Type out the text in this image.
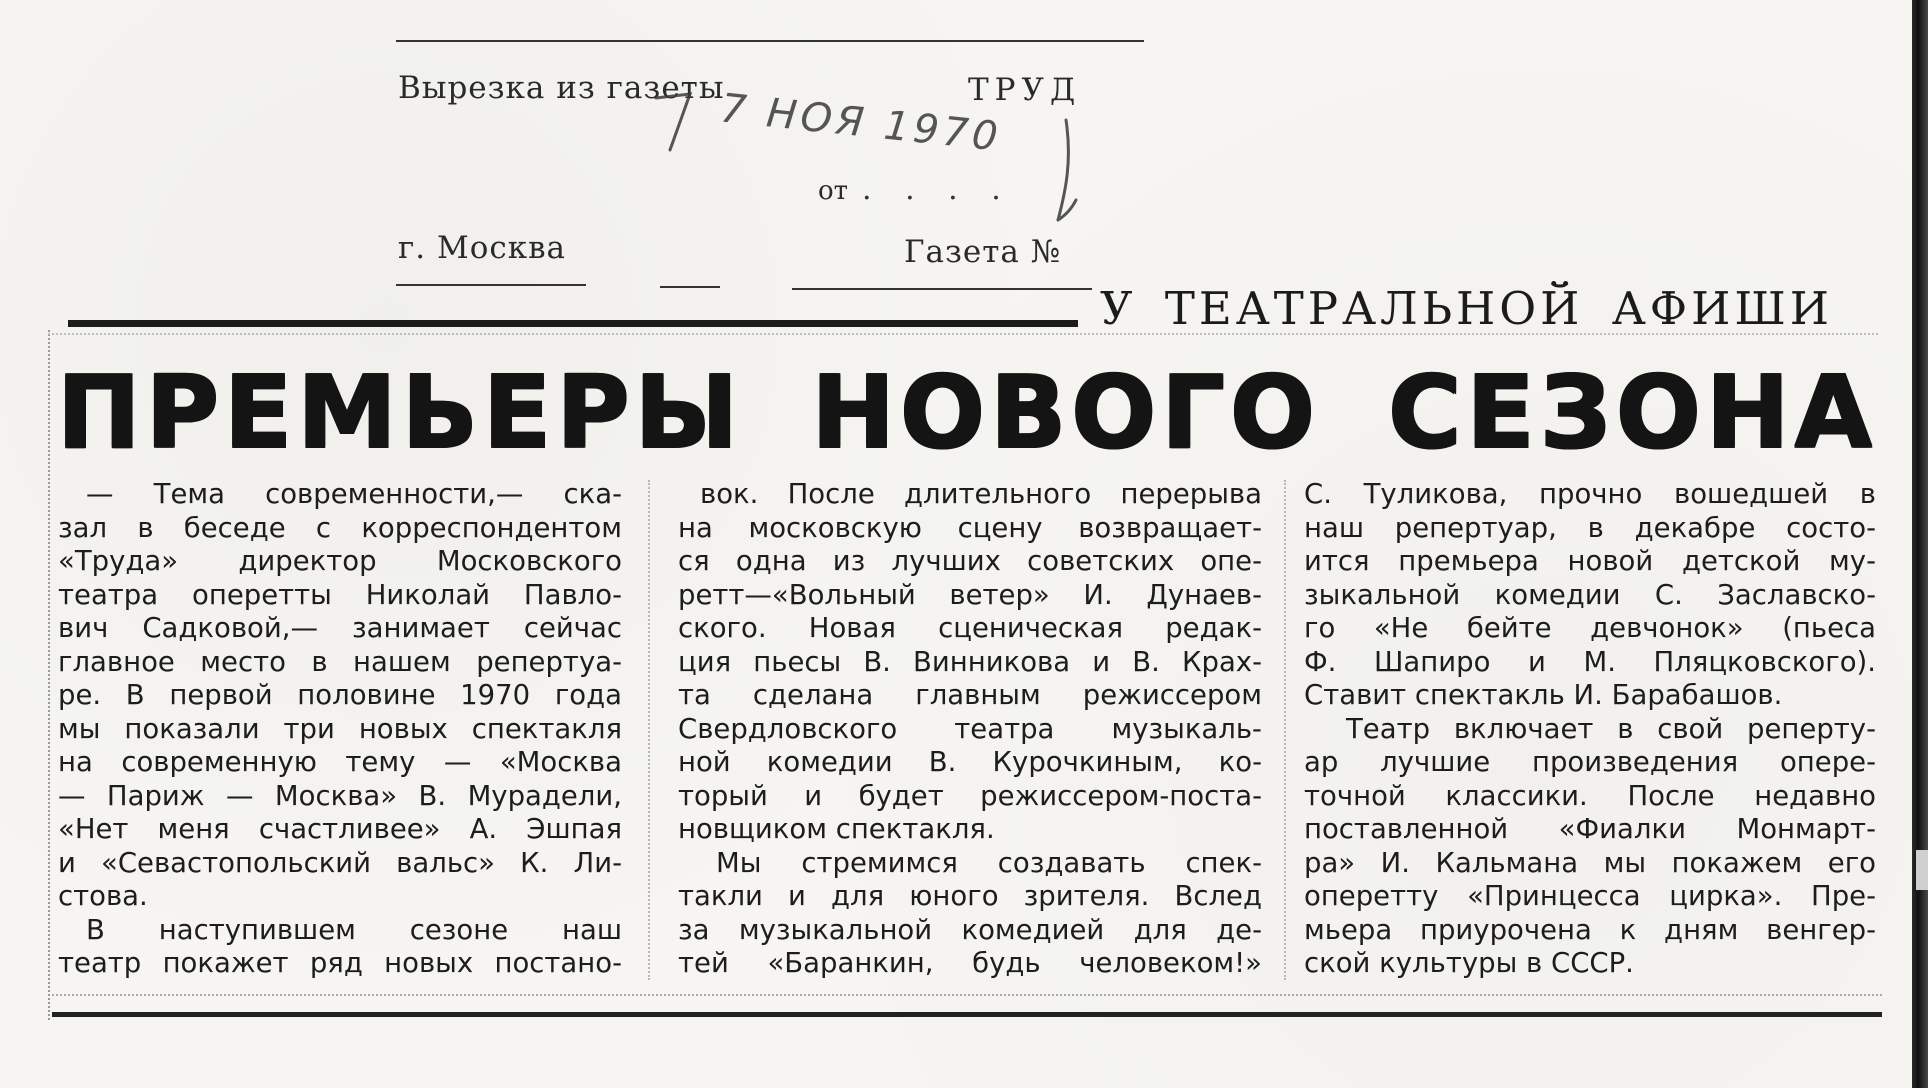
Вырезка из газеты	ТРУД
от . . . .
г. Москва	Газета №
7 НОЯ 1970
У ТЕАТРАЛЬНОЙ АФИШИ
ПРЕМЬЕРЫ НОВОГО СЕЗОНА
— Тема современности,— ска-
зал в беседе с корреспондентом
«Труда» директор Московского
театра оперетты Николай Павло-
вич Садковой,— занимает сейчас
главное место в нашем репертуа-
ре. В первой половине 1970 года
мы показали три новых спектакля
на современную тему — «Москва
— Париж — Москва» В. Мурадели,
«Нет меня счастливее» А. Эшпая
и «Севастопольский вальс» К. Ли-
стова.
В наступившем сезоне наш
театр покажет ряд новых постано-
вок. После длительного перерыва
на московскую сцену возвращает-
ся одна из лучших советских опе-
ретт—«Вольный ветер» И. Дунаев-
ского. Новая сценическая редак-
ция пьесы В. Винникова и В. Крах-
та сделана главным режиссером
Свердловского театра музыкаль-
ной комедии В. Курочкиным, ко-
торый и будет режиссером-поста-
новщиком спектакля.
Мы стремимся создавать спек-
такли и для юного зрителя. Вслед
за музыкальной комедией для де-
тей «Баранкин, будь человеком!»
С. Туликова, прочно вошедшей в
наш репертуар, в декабре состо-
ится премьера новой детской му-
зыкальной комедии С. Заславско-
го «Не бейте девчонок» (пьеса
Ф. Шапиро и М. Пляцковского).
Ставит спектакль И. Барабашов.
Театр включает в свой реперту-
ар лучшие произведения опере-
точной классики. После недавно
поставленной «Фиалки Монмарт-
ра» И. Кальмана мы покажем его
оперетту «Принцесса цирка». Пре-
мьера приурочена к дням венгер-
ской культуры в СССР.
